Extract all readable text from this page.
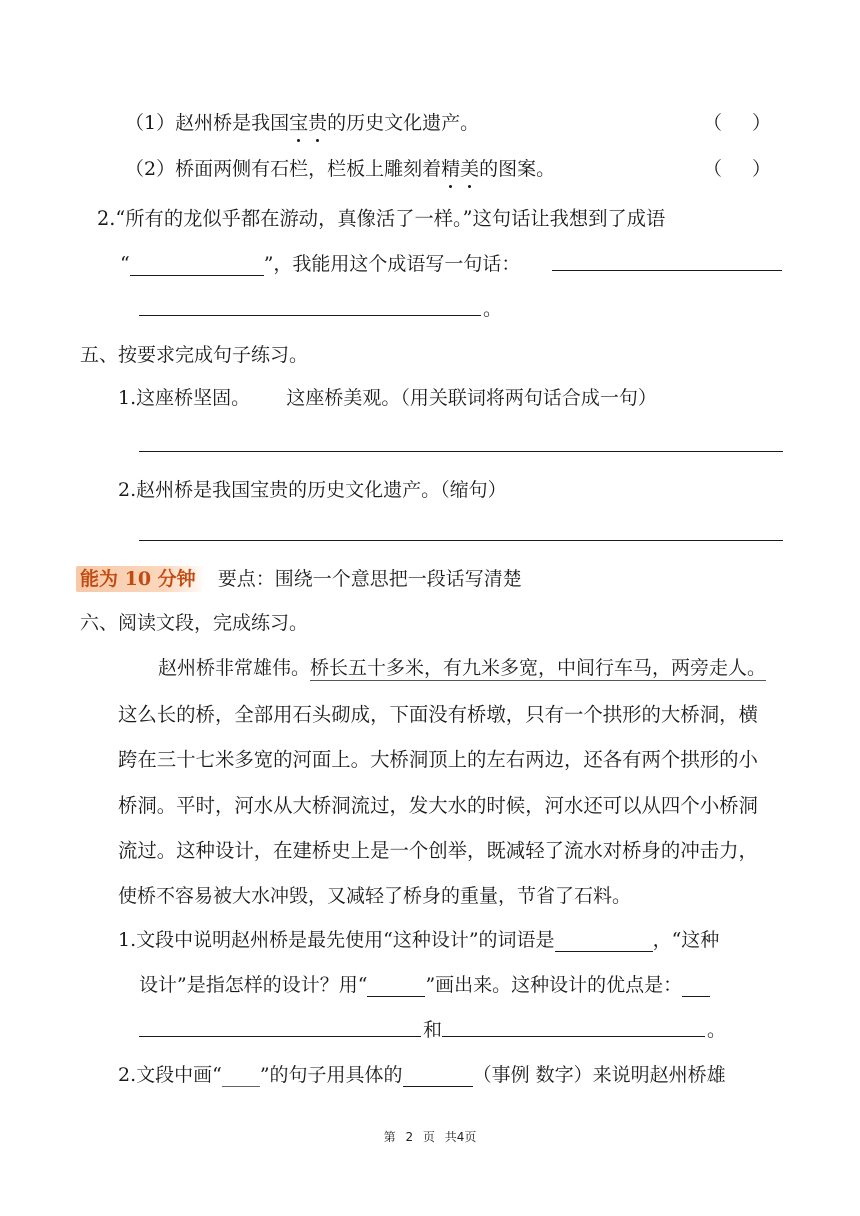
（1）赵州桥是我国宝贵的历史文化遗产。	（ ）
（2）桥面两侧有石栏，栏板上雕刻着精美的图案。	（ ）
2.“所有的龙似乎都在游动，真像活了一样。”这句话让我想到了成语
“	”，我能用这个成语写一句话：
。
五、按要求完成句子练习。
1.这座桥坚固。      这座桥美观。（用关联词将两句话合成一句）
2.赵州桥是我国宝贵的历史文化遗产。（缩句）
能为 10 分钟 要点：围绕一个意思把一段话写清楚
六、阅读文段，完成练习。
赵州桥非常雄伟。桥长五十多米，有九米多宽，中间行车马，两旁走人。
这么长的桥，全部用石头砌成，下面没有桥墩，只有一个拱形的大桥洞，横
跨在三十七米多宽的河面上。大桥洞顶上的左右两边，还各有两个拱形的小
桥洞。平时，河水从大桥洞流过，发大水的时候，河水还可以从四个小桥洞
流过。这种设计，在建桥史上是一个创举，既减轻了流水对桥身的冲击力，
使桥不容易被大水冲毁，又减轻了桥身的重量，节省了石料。
1.文段中说明赵州桥是最先使用“这种设计”的词语是	，“这种
设计”是指怎样的设计？用“	”画出来。这种设计的优点是：
和	。
2.文段中画“ ”的句子用具体的	（事例 数字）来说明赵州桥雄
第 2 页 共4页
